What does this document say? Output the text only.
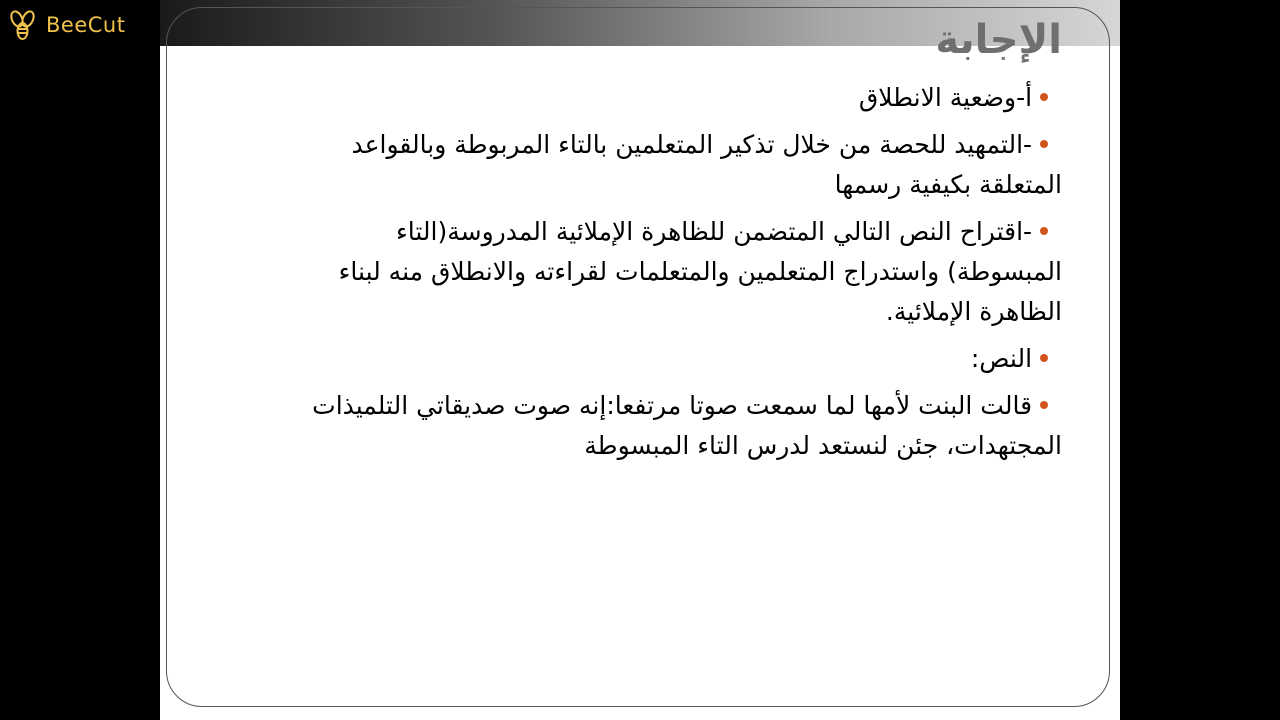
BeeCut	الإجابة
أ-وضعية الانطلاق
-التمهيد للحصة من خلال تذكير المتعلمين بالتاء المربوطة وبالقواعد المتعلقة بكيفية رسمها
-اقتراح النص التالي المتضمن للظاهرة الإملائية المدروسة(التاء المبسوطة) واستدراج المتعلمين والمتعلمات لقراءته والانطلاق منه لبناء الظاهرة الإملائية.
النص:
قالت البنت لأمها لما سمعت صوتا مرتفعا:إنه صوت صديقاتي التلميذات المجتهدات، جئن لنستعد لدرس التاء المبسوطة
